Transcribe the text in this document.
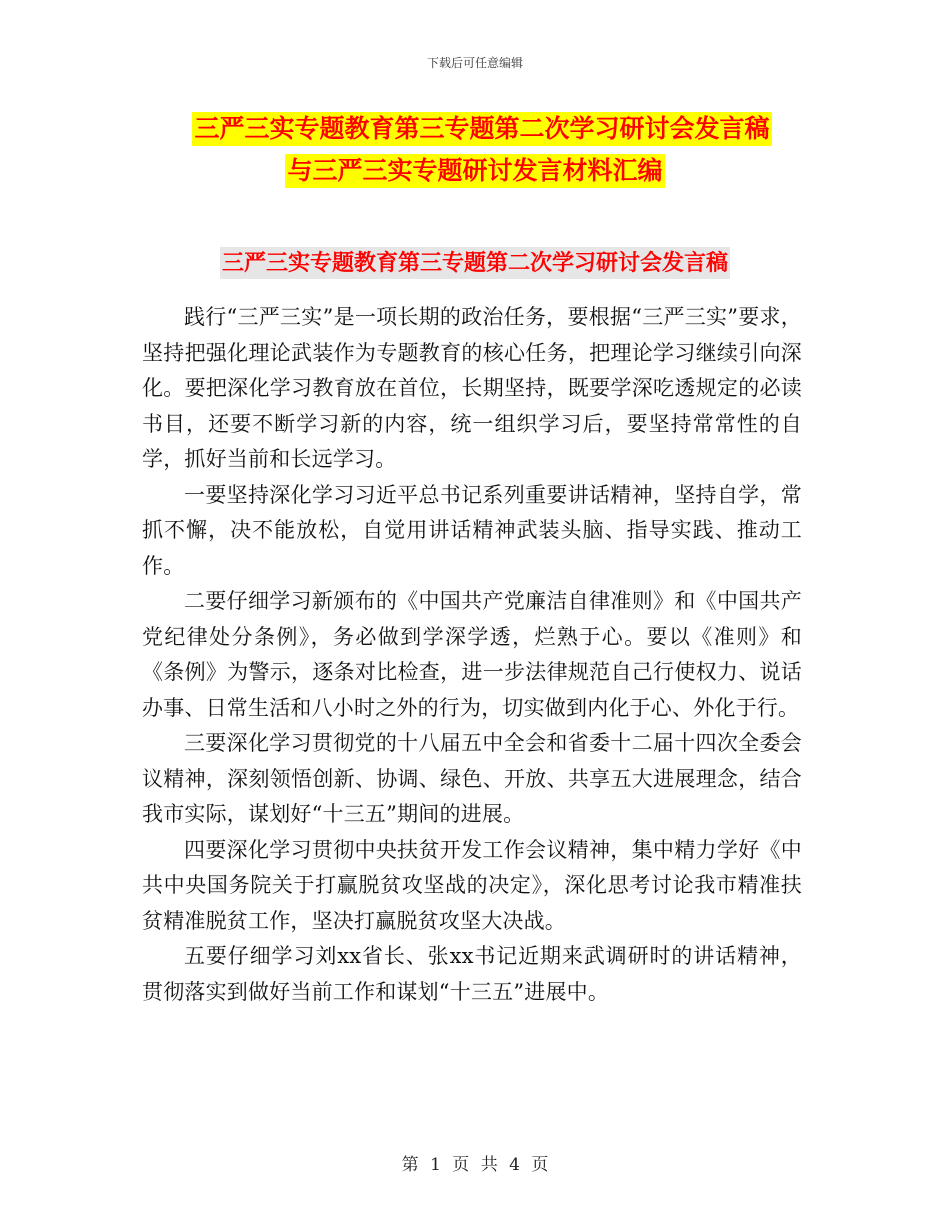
下载后可任意编辑
三严三实专题教育第三专题第二次学习研讨会发言稿
与三严三实专题研讨发言材料汇编
三严三实专题教育第三专题第二次学习研讨会发言稿

践行“三严三实”是一项长期的政治任务，要根据“三严三实”要求，坚持把强化理论武装作为专题教育的核心任务，把理论学习继续引向深化。要把深化学习教育放在首位，长期坚持，既要学深吃透规定的必读书目，还要不断学习新的内容，统一组织学习后，要坚持常常性的自学，抓好当前和长远学习。

一要坚持深化学习习近平总书记系列重要讲话精神，坚持自学，常抓不懈，决不能放松，自觉用讲话精神武装头脑、指导实践、推动工作。

二要仔细学习新颁布的《中国共产党廉洁自律准则》和《中国共产党纪律处分条例》，务必做到学深学透，烂熟于心。要以《准则》和《条例》为警示，逐条对比检查，进一步法律规范自己行使权力、说话办事、日常生活和八小时之外的行为，切实做到内化于心、外化于行。

三要深化学习贯彻党的十八届五中全会和省委十二届十四次全委会议精神，深刻领悟创新、协调、绿色、开放、共享五大进展理念，结合我市实际，谋划好“十三五”期间的进展。

四要深化学习贯彻中央扶贫开发工作会议精神，集中精力学好《中共中央国务院关于打赢脱贫攻坚战的决定》，深化思考讨论我市精准扶贫精准脱贫工作，坚决打赢脱贫攻坚大决战。

五要仔细学习刘xx省长、张xx书记近期来武调研时的讲话精神，贯彻落实到做好当前工作和谋划“十三五”进展中。

第 1 页 共 4 页
